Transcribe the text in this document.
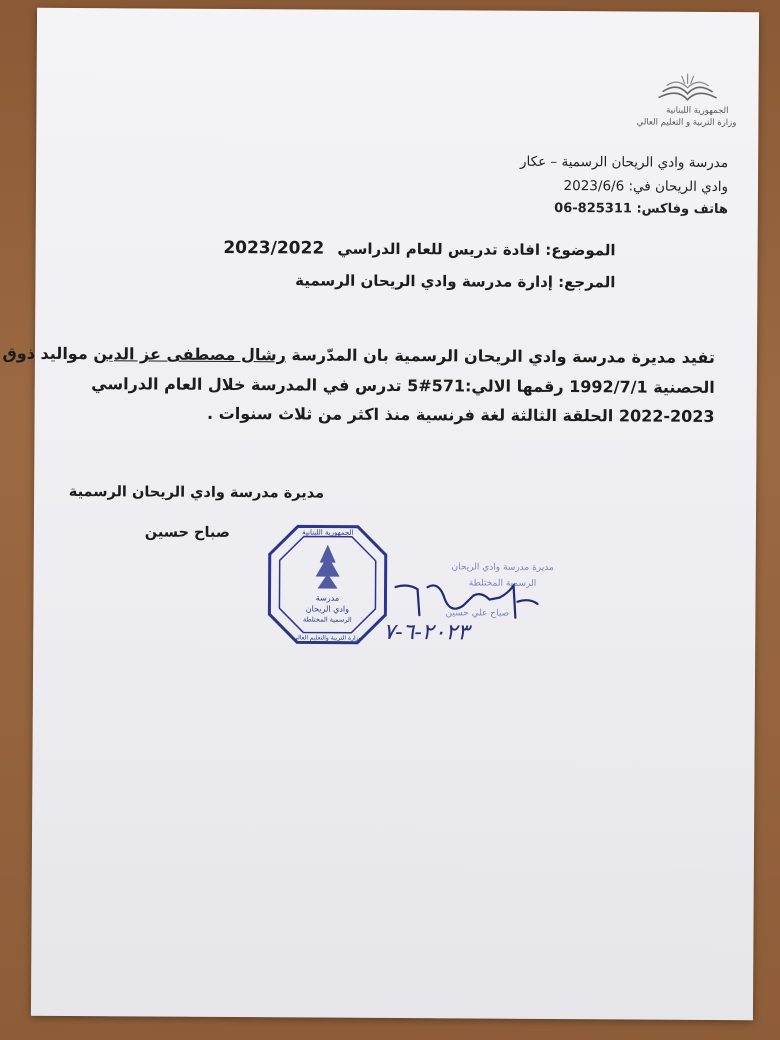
الجمهورية اللبنانية
وزارة التربية و التعليم العالي
مدرسة وادي الريحان الرسمية – عكار
وادي الريحان في: 2023/6/6
هاتف وفاكس: 825311-06
الموضوع: افادة تدريس للعام الدراسي 2023/2022
المرجع: إدارة مدرسة وادي الريحان الرسمية
تفيد مديرة مدرسة وادي الريحان الرسمية بان المدّرسة رشال مصطفى عز الدين مواليد ذوق
الحصنية 1992/7/1 رقمها الالي:571#5 تدرس في المدرسة خلال العام الدراسي
2022-2023 الحلقة الثالثة لغة فرنسية منذ اكثر من ثلاث سنوات .
مديرة مدرسة وادي الريحان الرسمية
صباح حسين	الجمهورية اللبنانية
مدرسة
وادي الريحان
الرسمية المختلطة
وزارة التربية والتعليم العالي
مديرة مدرسة وادي الريحان
الرسمية المختلطة
صباح علي حسين
٢٠٢٣-٦-٧
